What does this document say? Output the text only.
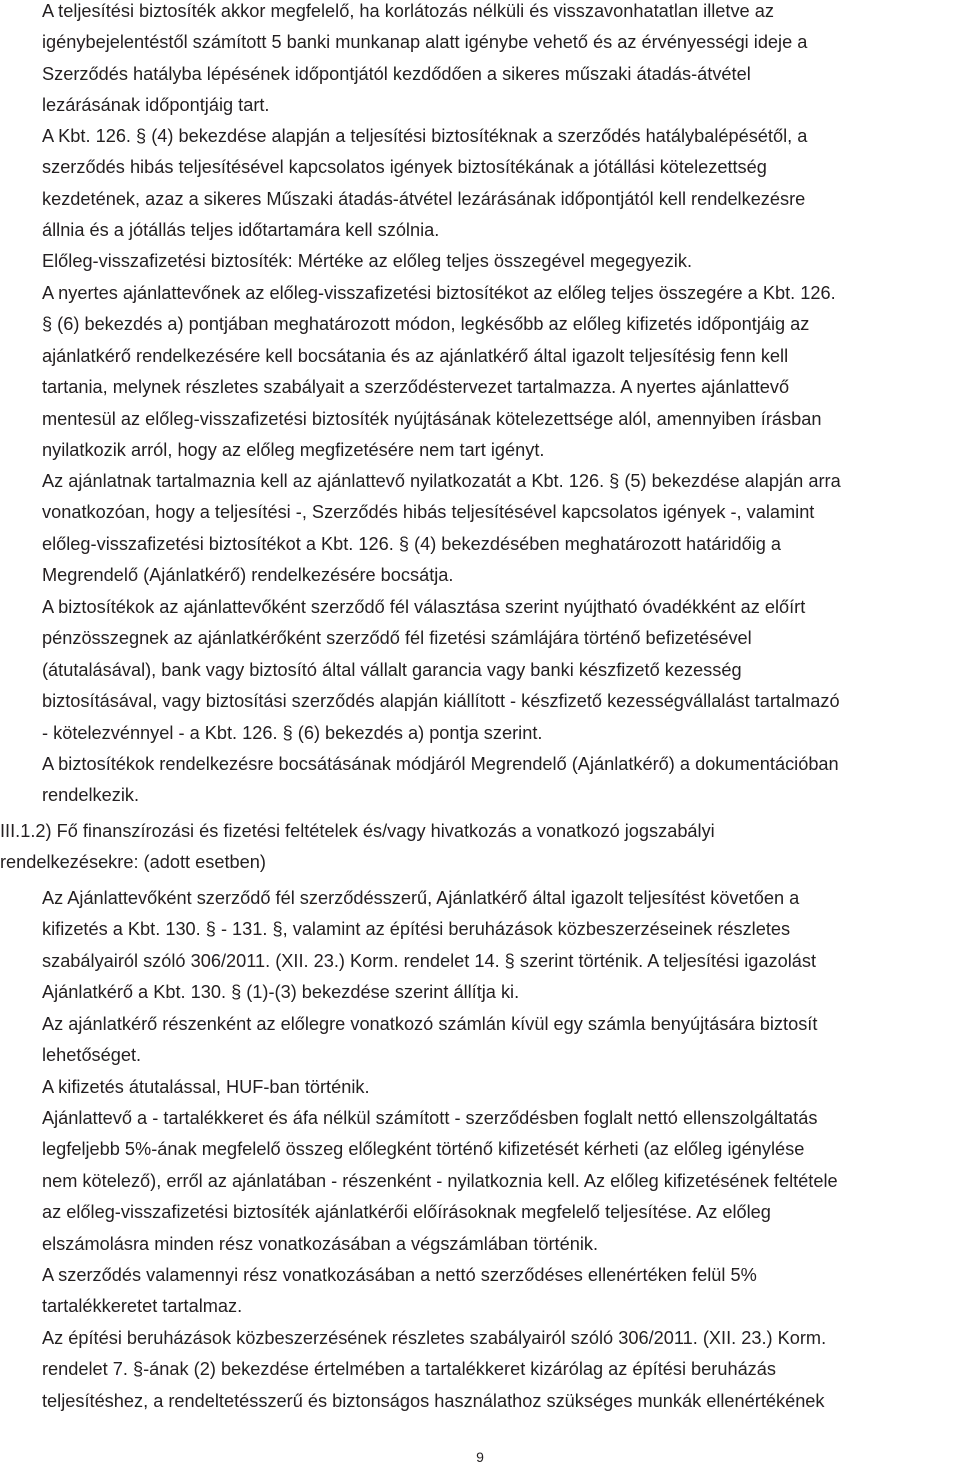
A teljesítési biztosíték akkor megfelelő, ha korlátozás nélküli és visszavonhatatlan illetve az
igénybejelentéstől számított 5 banki munkanap alatt igénybe vehető és az érvényességi ideje a
Szerződés hatályba lépésének időpontjától kezdődően a sikeres műszaki átadás-átvétel
lezárásának időpontjáig tart.
A Kbt. 126. § (4) bekezdése alapján a teljesítési biztosítéknak a szerződés hatálybalépésétől, a
szerződés hibás teljesítésével kapcsolatos igények biztosítékának a jótállási kötelezettség
kezdetének, azaz a sikeres Műszaki átadás-átvétel lezárásának időpontjától kell rendelkezésre
állnia és a jótállás teljes időtartamára kell szólnia.
Előleg-visszafizetési biztosíték: Mértéke az előleg teljes összegével megegyezik.
A nyertes ajánlattevőnek az előleg-visszafizetési biztosítékot az előleg teljes összegére a Kbt. 126.
§ (6) bekezdés a) pontjában meghatározott módon, legkésőbb az előleg kifizetés időpontjáig az
ajánlatkérő rendelkezésére kell bocsátania és az ajánlatkérő által igazolt teljesítésig fenn kell
tartania, melynek részletes szabályait a szerződéstervezet tartalmazza. A nyertes ajánlattevő
mentesül az előleg-visszafizetési biztosíték nyújtásának kötelezettsége alól, amennyiben írásban
nyilatkozik arról, hogy az előleg megfizetésére nem tart igényt.
Az ajánlatnak tartalmaznia kell az ajánlattevő nyilatkozatát a Kbt. 126. § (5) bekezdése alapján arra
vonatkozóan, hogy a teljesítési -, Szerződés hibás teljesítésével kapcsolatos igények -, valamint
előleg-visszafizetési biztosítékot a Kbt. 126. § (4) bekezdésében meghatározott határidőig a
Megrendelő (Ajánlatkérő) rendelkezésére bocsátja.
A biztosítékok az ajánlattevőként szerződő fél választása szerint nyújtható óvadékként az előírt
pénzösszegnek az ajánlatkérőként szerződő fél fizetési számlájára történő befizetésével
(átutalásával), bank vagy biztosító által vállalt garancia vagy banki készfizető kezesség
biztosításával, vagy biztosítási szerződés alapján kiállított - készfizető kezességvállalást tartalmazó
- kötelezvénnyel - a Kbt. 126. § (6) bekezdés a) pontja szerint.
A biztosítékok rendelkezésre bocsátásának módjáról Megrendelő (Ajánlatkérő) a dokumentációban
rendelkezik.
III.1.2) Fő finanszírozási és fizetési feltételek és/vagy hivatkozás a vonatkozó jogszabályi
rendelkezésekre: (adott esetben)
Az Ajánlattevőként szerződő fél szerződésszerű, Ajánlatkérő által igazolt teljesítést követően a
kifizetés a Kbt. 130. § - 131. §, valamint az építési beruházások közbeszerzéseinek részletes
szabályairól szóló 306/2011. (XII. 23.) Korm. rendelet 14. § szerint történik. A teljesítési igazolást
Ajánlatkérő a Kbt. 130. § (1)-(3) bekezdése szerint állítja ki.
Az ajánlatkérő részenként az előlegre vonatkozó számlán kívül egy számla benyújtására biztosít
lehetőséget.
A kifizetés átutalással, HUF-ban történik.
Ajánlattevő a - tartalékkeret és áfa nélkül számított - szerződésben foglalt nettó ellenszolgáltatás
legfeljebb 5%-ának megfelelő összeg előlegként történő kifizetését kérheti (az előleg igénylése
nem kötelező), erről az ajánlatában - részenként - nyilatkoznia kell. Az előleg kifizetésének feltétele
az előleg-visszafizetési biztosíték ajánlatkérői előírásoknak megfelelő teljesítése. Az előleg
elszámolásra minden rész vonatkozásában a végszámlában történik.
A szerződés valamennyi rész vonatkozásában a nettó szerződéses ellenértéken felül 5%
tartalékkeretet tartalmaz.
Az építési beruházások közbeszerzésének részletes szabályairól szóló 306/2011. (XII. 23.) Korm.
rendelet 7. §-ának (2) bekezdése értelmében a tartalékkeret kizárólag az építési beruházás
teljesítéshez, a rendeltetésszerű és biztonságos használathoz szükséges munkák ellenértékének
9
